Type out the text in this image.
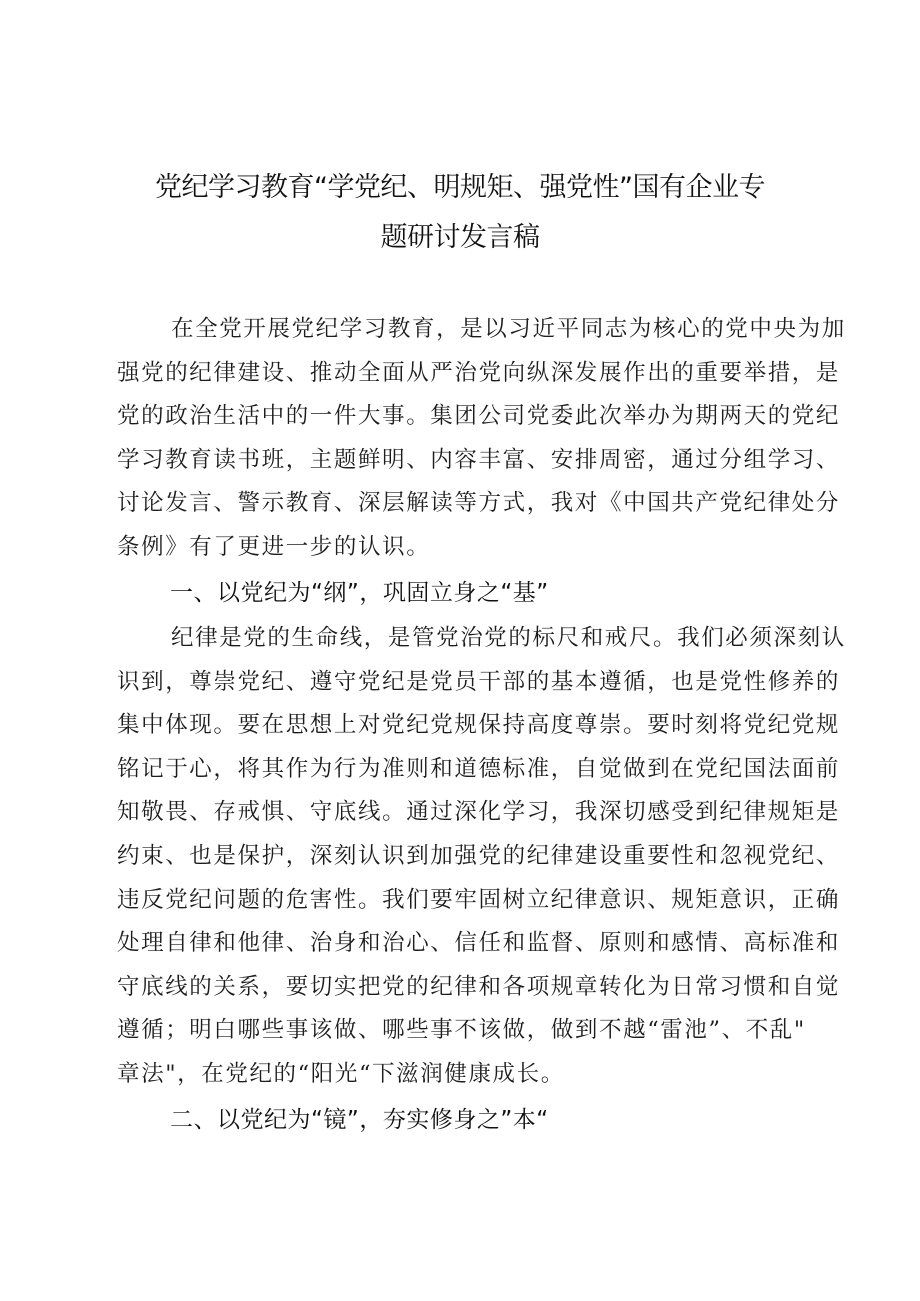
党纪学习教育“学党纪、明规矩、强党性”国有企业专
题研讨发言稿
在全党开展党纪学习教育，是以习近平同志为核心的党中央为加
强党的纪律建设、推动全面从严治党向纵深发展作出的重要举措，是
党的政治生活中的一件大事。集团公司党委此次举办为期两天的党纪
学习教育读书班，主题鲜明、内容丰富、安排周密，通过分组学习、
讨论发言、警示教育、深层解读等方式，我对《中国共产党纪律处分
条例》有了更进一步的认识。
一、以党纪为“纲”，巩固立身之“基”
纪律是党的生命线，是管党治党的标尺和戒尺。我们必须深刻认
识到，尊崇党纪、遵守党纪是党员干部的基本遵循，也是党性修养的
集中体现。要在思想上对党纪党规保持高度尊崇。要时刻将党纪党规
铭记于心，将其作为行为准则和道德标准，自觉做到在党纪国法面前
知敬畏、存戒惧、守底线。通过深化学习，我深切感受到纪律规矩是
约束、也是保护，深刻认识到加强党的纪律建设重要性和忽视党纪、
违反党纪问题的危害性。我们要牢固树立纪律意识、规矩意识，正确
处理自律和他律、治身和治心、信任和监督、原则和感情、高标准和
守底线的关系，要切实把党的纪律和各项规章转化为日常习惯和自觉
遵循；明白哪些事该做、哪些事不该做，做到不越“雷池”、不乱"
章法"，在党纪的“阳光“下滋润健康成长。
二、以党纪为“镜”，夯实修身之”本“
